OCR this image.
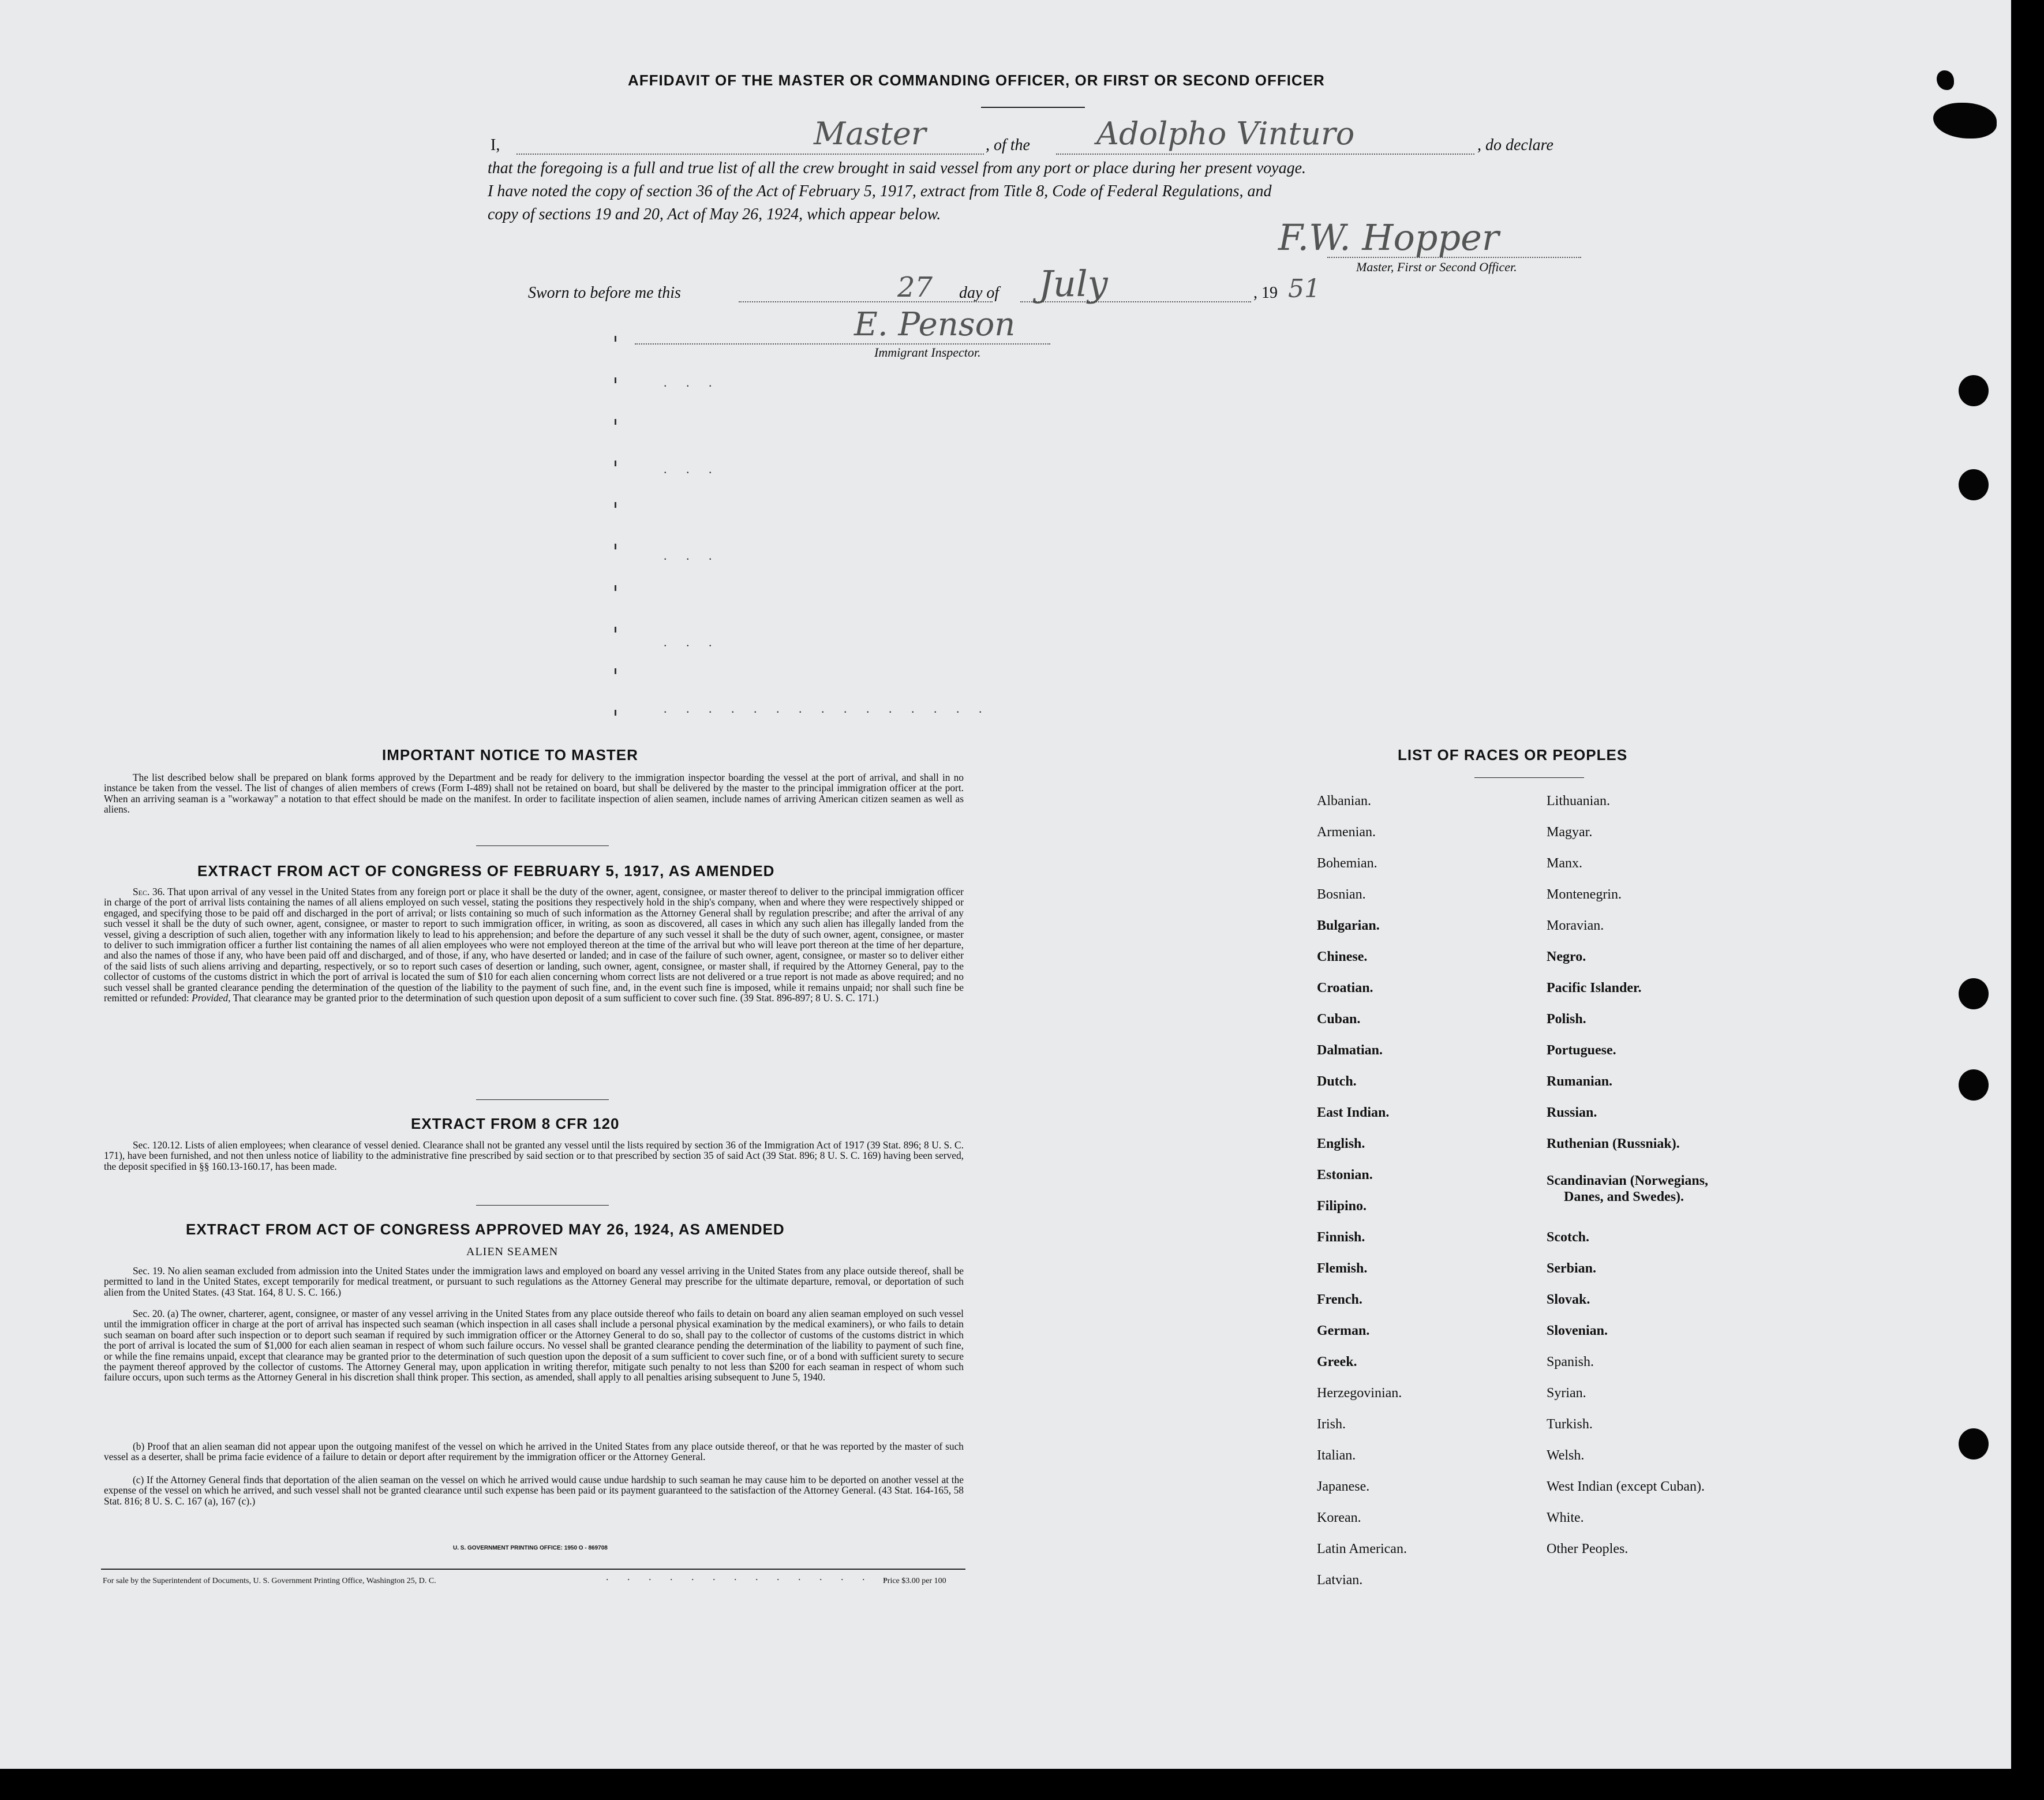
AFFIDAVIT OF THE MASTER OR COMMANDING OFFICER, OR FIRST OR SECOND OFFICER
I,	Master	, of the Adolpho Vinturo	, do declare
that the foregoing is a full and true list of all the crew brought in said vessel from any port or place during her present voyage.
I have noted the copy of section 36 of the Act of February 5, 1917, extract from Title 8, Code of Federal Regulations, and
copy of sections 19 and 20, Act of May 26, 1924, which appear below.
F.W. Hopper
Master, First or Second Officer.
Sworn to before me this	27 day of July	, 19 51
E. Penson
Immigrant Inspector.
. . .
. . .
. . .
. . .
. . . . . . . . . . . . . . .
IMPORTANT NOTICE TO MASTER
The list described below shall be prepared on blank forms approved by the Department and be ready for delivery to the immigration inspector boarding the vessel at the port of arrival, and shall in no instance be taken from the vessel. The list of changes of alien members of crews (Form I-489) shall not be retained on board, but shall be delivered by the master to the principal immigration officer at the port. When an arriving seaman is a "workaway" a notation to that effect should be made on the manifest. In order to facilitate inspection of alien seamen, include names of arriving American citizen seamen as well as aliens.
EXTRACT FROM ACT OF CONGRESS OF FEBRUARY 5, 1917, AS AMENDED
Sec. 36. That upon arrival of any vessel in the United States from any foreign port or place it shall be the duty of the owner, agent, consignee, or master thereof to deliver to the principal immigration officer in charge of the port of arrival lists containing the names of all aliens employed on such vessel, stating the positions they respectively hold in the ship's company, when and where they were respectively shipped or engaged, and specifying those to be paid off and discharged in the port of arrival; or lists containing so much of such information as the Attorney General shall by regulation prescribe; and after the arrival of any such vessel it shall be the duty of such owner, agent, consignee, or master to report to such immigration officer, in writing, as soon as discovered, all cases in which any such alien has illegally landed from the vessel, giving a description of such alien, together with any information likely to lead to his apprehension; and before the departure of any such vessel it shall be the duty of such owner, agent, consignee, or master to deliver to such immigration officer a further list containing the names of all alien employees who were not employed thereon at the time of the arrival but who will leave port thereon at the time of her departure, and also the names of those if any, who have been paid off and discharged, and of those, if any, who have deserted or landed; and in case of the failure of such owner, agent, consignee, or master so to deliver either of the said lists of such aliens arriving and departing, respectively, or so to report such cases of desertion or landing, such owner, agent, consignee, or master shall, if required by the Attorney General, pay to the collector of customs of the customs district in which the port of arrival is located the sum of $10 for each alien concerning whom correct lists are not delivered or a true report is not made as above required; and no such vessel shall be granted clearance pending the determination of the question of the liability to the payment of such fine, and, in the event such fine is imposed, while it remains unpaid; nor shall such fine be remitted or refunded: Provided, That clearance may be granted prior to the determination of such question upon deposit of a sum sufficient to cover such fine. (39 Stat. 896-897; 8 U. S. C. 171.)
EXTRACT FROM 8 CFR 120
Sec. 120.12. Lists of alien employees; when clearance of vessel denied. Clearance shall not be granted any vessel until the lists required by section 36 of the Immigration Act of 1917 (39 Stat. 896; 8 U. S. C. 171), have been furnished, and not then unless notice of liability to the administrative fine prescribed by said section or to that prescribed by section 35 of said Act (39 Stat. 896; 8 U. S. C. 169) having been served, the deposit specified in §§ 160.13-160.17, has been made.
EXTRACT FROM ACT OF CONGRESS APPROVED MAY 26, 1924, AS AMENDED
ALIEN SEAMEN
Sec. 19. No alien seaman excluded from admission into the United States under the immigration laws and employed on board any vessel arriving in the United States from any place outside thereof, shall be permitted to land in the United States, except temporarily for medical treatment, or pursuant to such regulations as the Attorney General may prescribe for the ultimate departure, removal, or deportation of such alien from the United States. (43 Stat. 164, 8 U. S. C. 166.)
Sec. 20. (a) The owner, charterer, agent, consignee, or master of any vessel arriving in the United States from any place outside thereof who fails to detain on board any alien seaman employed on such vessel until the immigration officer in charge at the port of arrival has inspected such seaman (which inspection in all cases shall include a personal physical examination by the medical examiners), or who fails to detain such seaman on board after such inspection or to deport such seaman if required by such immigration officer or the Attorney General to do so, shall pay to the collector of customs of the customs district in which the port of arrival is located the sum of $1,000 for each alien seaman in respect of whom such failure occurs. No vessel shall be granted clearance pending the determination of the liability to payment of such fine, or while the fine remains unpaid, except that clearance may be granted prior to the determination of such question upon the deposit of a sum sufficient to cover such fine, or of a bond with sufficient surety to secure the payment thereof approved by the collector of customs. The Attorney General may, upon application in writing therefor, mitigate such penalty to not less than $200 for each seaman in respect of whom such failure occurs, upon such terms as the Attorney General in his discretion shall think proper. This section, as amended, shall apply to all penalties arising subsequent to June 5, 1940.
(b) Proof that an alien seaman did not appear upon the outgoing manifest of the vessel on which he arrived in the United States from any place outside thereof, or that he was reported by the master of such vessel as a deserter, shall be prima facie evidence of a failure to detain or deport after requirement by the immigration officer or the Attorney General.
(c) If the Attorney General finds that deportation of the alien seaman on the vessel on which he arrived would cause undue hardship to such seaman he may cause him to be deported on another vessel at the expense of the vessel on which he arrived, and such vessel shall not be granted clearance until such expense has been paid or its payment guaranteed to the satisfaction of the Attorney General. (43 Stat. 164-165, 58 Stat. 816; 8 U. S. C. 167 (a), 167 (c).)
U. S. GOVERNMENT PRINTING OFFICE: 1950 O - 869708
For sale by the Superintendent of Documents, U. S. Government Printing Office, Washington 25, D. C.	. . . . . . . . . . . . . .
Price $3.00 per 100
LIST OF RACES OR PEOPLES
Albanian.
Armenian.
Bohemian.
Bosnian.
Bulgarian.
Chinese.
Croatian.
Cuban.
Dalmatian.
Dutch.
East Indian.
English.
Estonian.
Filipino.
Finnish.
Flemish.
French.
German.
Greek.
Herzegovinian.
Irish.
Italian.
Japanese.
Korean.
Latin American.
Latvian.
Lithuanian.
Magyar.
Manx.
Montenegrin.
Moravian.
Negro.
Pacific Islander.
Polish.
Portuguese.
Rumanian.
Russian.
Ruthenian (Russniak).
Scandinavian (Norwegians,
Danes, and Swedes).
Scotch.
Serbian.
Slovak.
Slovenian.
Spanish.
Syrian.
Turkish.
Welsh.
West Indian (except Cuban).
White.
Other Peoples.
